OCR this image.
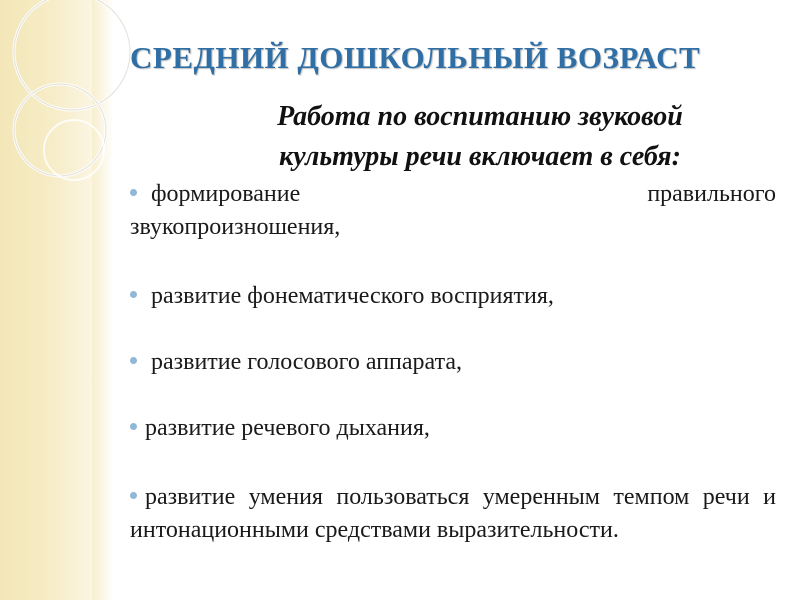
СРЕДНИЙ ДОШКОЛЬНЫЙ ВОЗРАСТ
Работа по воспитанию звуковой
культуры речи включает в себя:
формирование	правильного
звукопроизношения,
развитие фонематического восприятия,
развитие голосового аппарата,
развитие речевого дыхания,
развитие умения пользоваться умеренным темпом речи и интонационными средствами выразительности.
